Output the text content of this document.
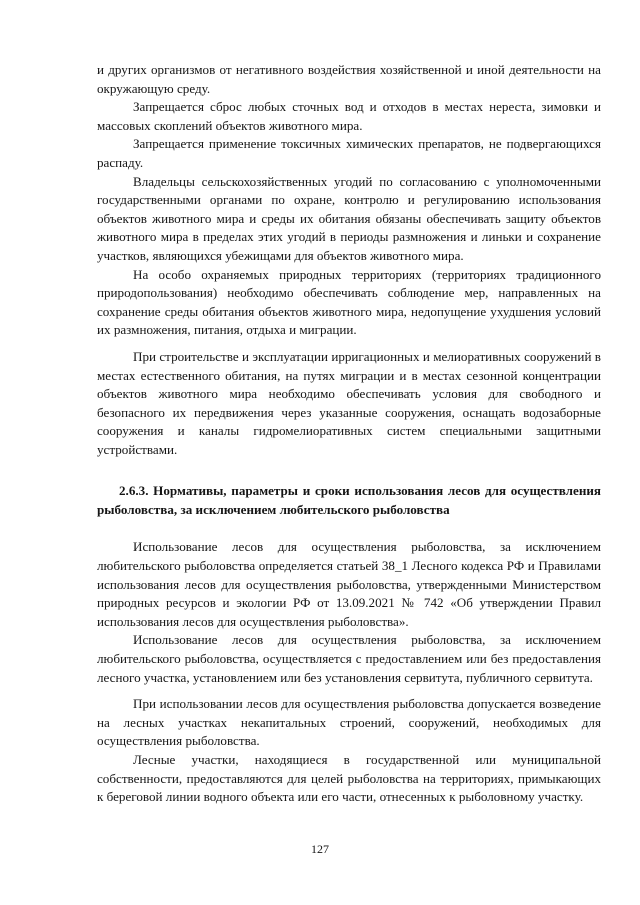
и других организмов от негативного воздействия хозяйственной и иной деятельности на окружающую среду.

Запрещается сброс любых сточных вод и отходов в местах нереста, зимовки и массовых скоплений объектов животного мира.

Запрещается применение токсичных химических препаратов, не подвергающихся распаду.

Владельцы сельскохозяйственных угодий по согласованию с уполномоченными государственными органами по охране, контролю и регулированию использования объектов животного мира и среды их обитания обязаны обеспечивать защиту объектов животного мира в пределах этих угодий в периоды размножения и линьки и сохранение участков, являющихся убежищами для объектов животного мира.

На особо охраняемых природных территориях (территориях традиционного природопользования) необходимо обеспечивать соблюдение мер, направленных на сохранение среды обитания объектов животного мира, недопущение ухудшения условий их размножения, питания, отдыха и миграции.

При строительстве и эксплуатации ирригационных и мелиоративных сооружений в местах естественного обитания, на путях миграции и в местах сезонной концентрации объектов животного мира необходимо обеспечивать условия для свободного и безопасного их передвижения через указанные сооружения, оснащать водозаборные сооружения и каналы гидромелиоративных систем специальными защитными устройствами.

2.6.3. Нормативы, параметры и сроки использования лесов для осуществления рыболовства, за исключением любительского рыболовства

Использование лесов для осуществления рыболовства, за исключением любительского рыболовства определяется статьей 38_1 Лесного кодекса РФ и Правилами использования лесов для осуществления рыболовства, утвержденными Министерством природных ресурсов и экологии РФ от 13.09.2021 № 742 «Об утверждении Правил использования лесов для осуществления рыболовства».

Использование лесов для осуществления рыболовства, за исключением любительского рыболовства, осуществляется с предоставлением или без предоставления лесного участка, установлением или без установления сервитута, публичного сервитута.

При использовании лесов для осуществления рыболовства допускается возведение на лесных участках некапитальных строений, сооружений, необходимых для осуществления рыболовства.

Лесные участки, находящиеся в государственной или муниципальной собственности, предоставляются для целей рыболовства на территориях, примыкающих к береговой линии водного объекта или его части, отнесенных к рыболовному участку.

127
